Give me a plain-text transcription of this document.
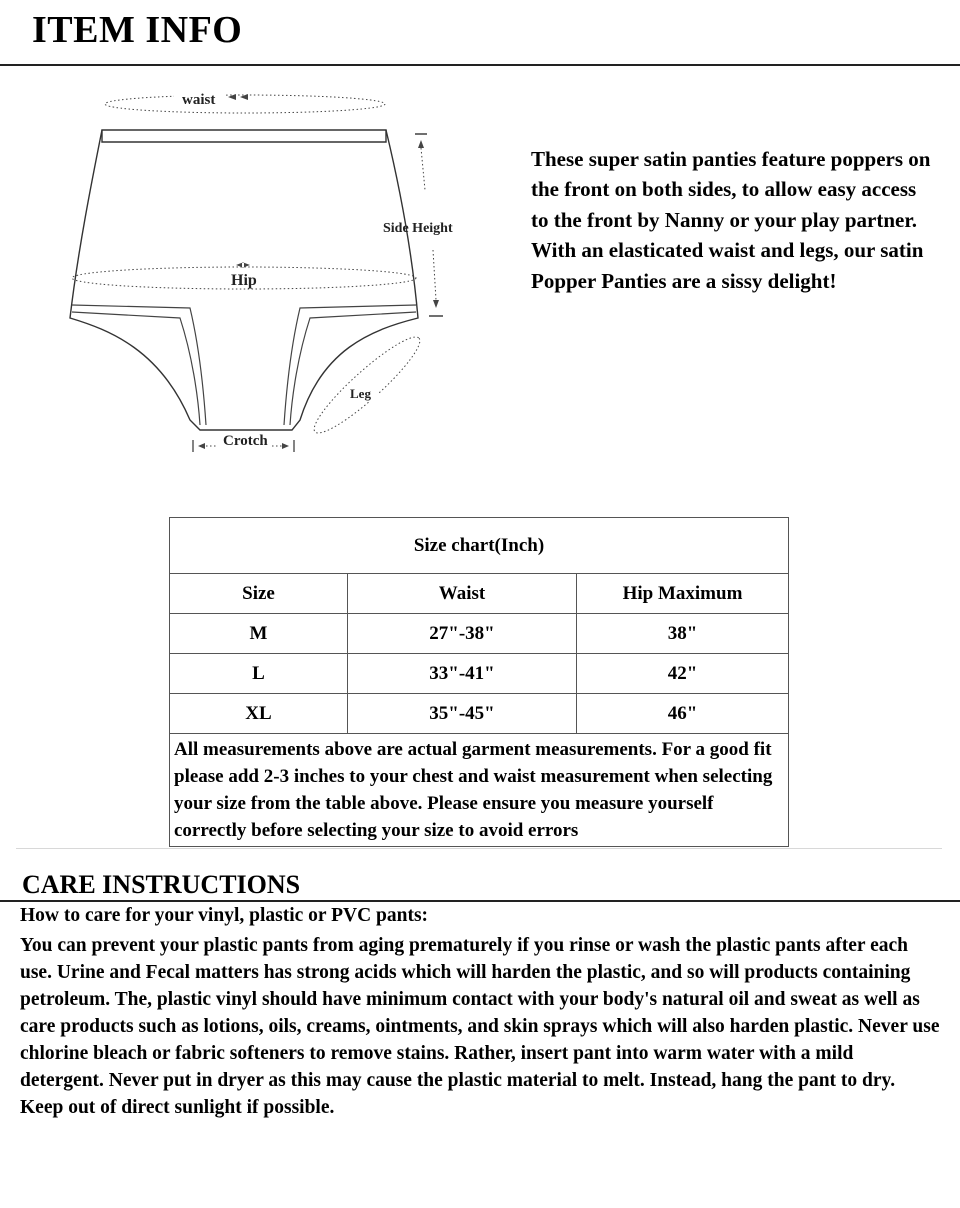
ITEM INFO
waist
Hip
Side Height
Leg
Crotch

These super satin panties feature poppers on the front on both sides, to allow easy access to the front by Nanny or your play partner.

With an elasticated waist and legs, our satin Popper Panties are a sissy delight!

Size chart(Inch)		
Size	Waist	Hip Maximum
M	27"-38"	38"
L	33"-41"	42"
XL	35"-45"	46"
All measurements above are actual garment measurements. For a good fit please add 2-3 inches to your chest and waist measurement when selecting your size from the table above. Please ensure you measure yourself correctly before selecting your size to avoid errors		
CARE INSTRUCTIONS
How to care for your vinyl, plastic or PVC pants:
You can prevent your plastic pants from aging prematurely if you rinse or wash the plastic pants after each use. Urine and Fecal matters has strong acids which will harden the plastic, and so will products containing petroleum. The, plastic vinyl should have minimum contact with your body's natural oil and sweat as well as care products such as lotions, oils, creams, ointments, and skin sprays which will also harden plastic. Never use chlorine bleach or fabric softeners to remove stains. Rather, insert pant into warm water with a mild detergent. Never put in dryer as this may cause the plastic material to melt. Instead, hang the pant to dry. Keep out of direct sunlight if possible.
